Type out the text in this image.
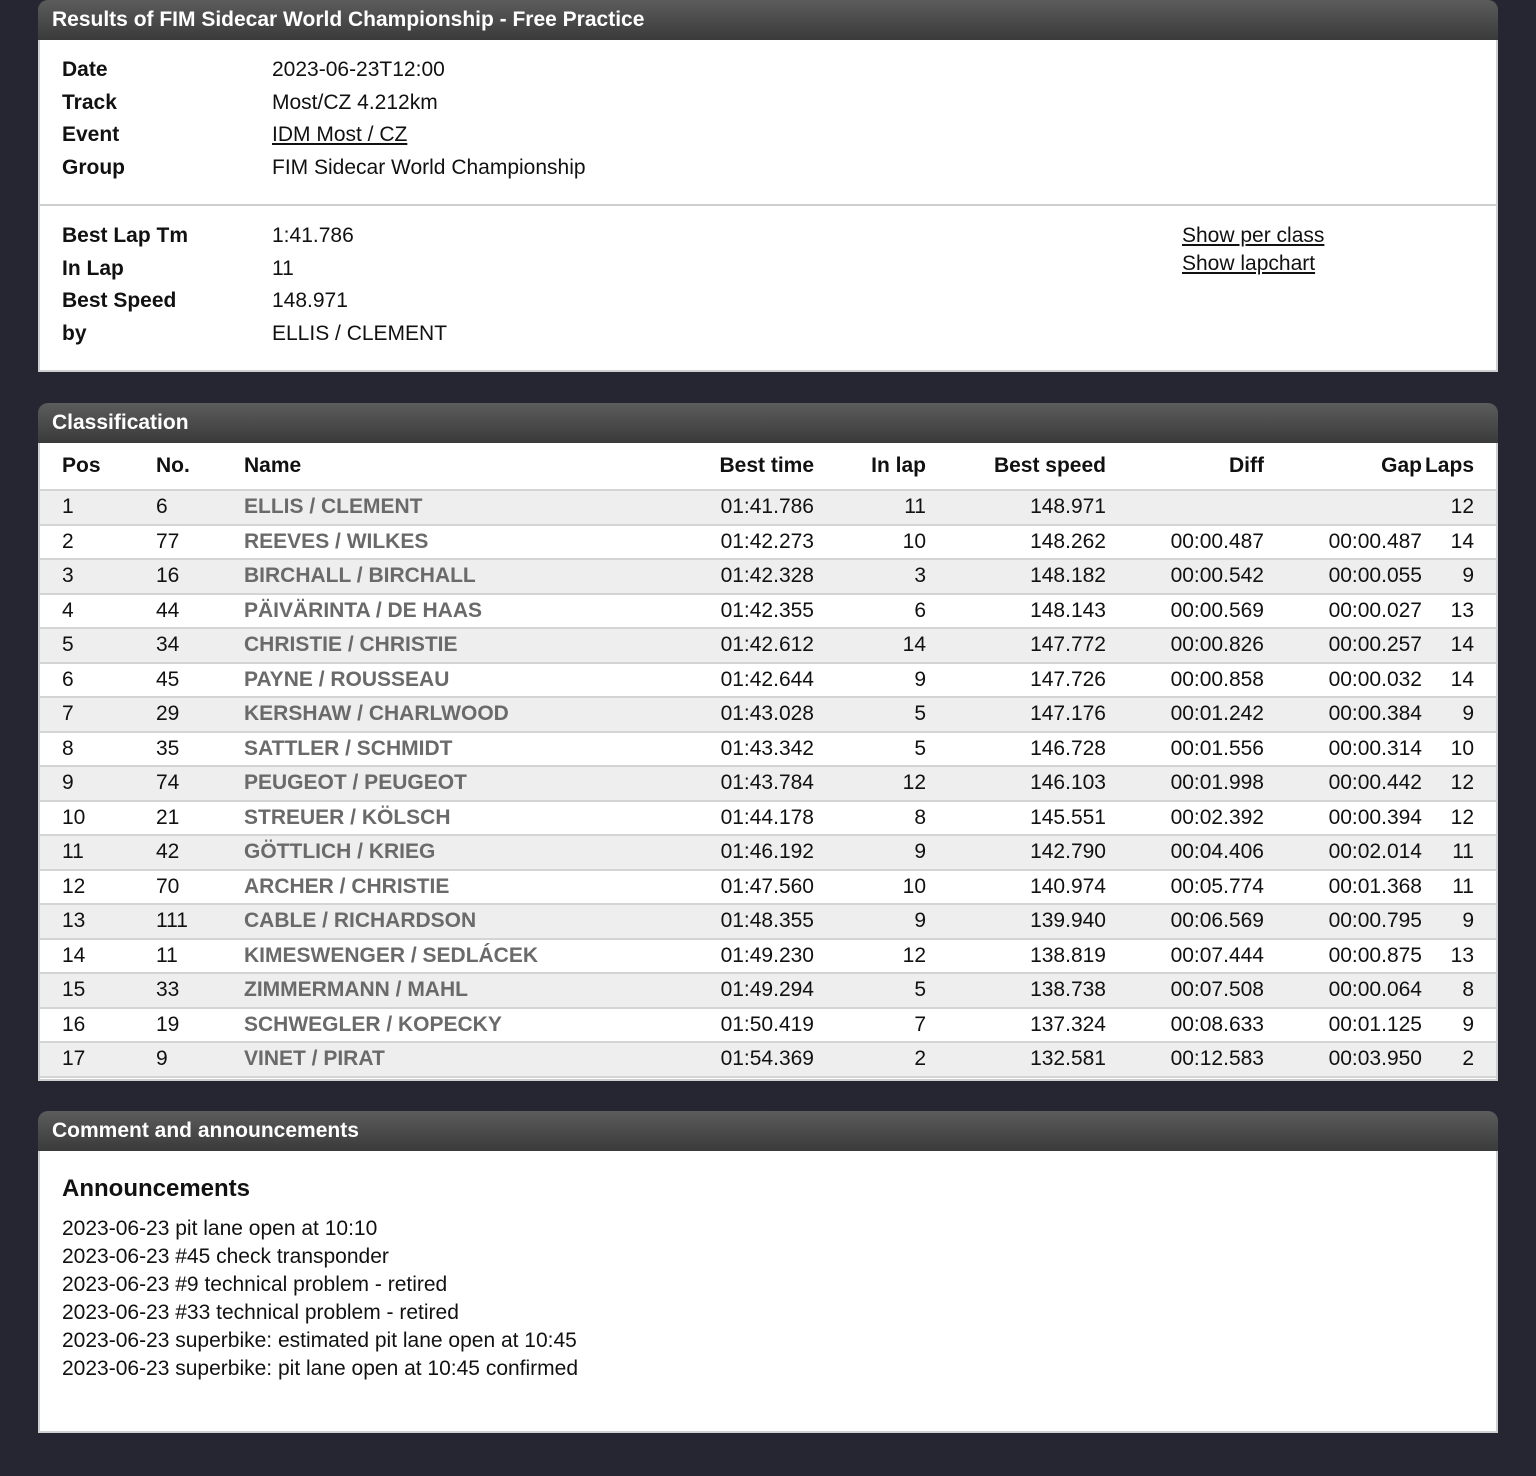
Results of FIM Sidecar World Championship - Free Practice
Date	2023-06-23T12:00
Track	Most/CZ 4.212km
Event	IDM Most / CZ
Group	FIM Sidecar World Championship
Best Lap Tm	1:41.786
In Lap	11
Best Speed	148.971
by	ELLIS / CLEMENT
Show per class
Show lapchart
Classification
Pos	No.	Name	Best time	In lap	Best speed	Diff	Gap	Laps
1	6	ELLIS / CLEMENT	01:41.786	11	148.971			12
2	77	REEVES / WILKES	01:42.273	10	148.262	00:00.487	00:00.487	14
3	16	BIRCHALL / BIRCHALL	01:42.328	3	148.182	00:00.542	00:00.055	9
4	44	PÄIVÄRINTA / DE HAAS	01:42.355	6	148.143	00:00.569	00:00.027	13
5	34	CHRISTIE / CHRISTIE	01:42.612	14	147.772	00:00.826	00:00.257	14
6	45	PAYNE / ROUSSEAU	01:42.644	9	147.726	00:00.858	00:00.032	14
7	29	KERSHAW / CHARLWOOD	01:43.028	5	147.176	00:01.242	00:00.384	9
8	35	SATTLER / SCHMIDT	01:43.342	5	146.728	00:01.556	00:00.314	10
9	74	PEUGEOT / PEUGEOT	01:43.784	12	146.103	00:01.998	00:00.442	12
10	21	STREUER / KÖLSCH	01:44.178	8	145.551	00:02.392	00:00.394	12
11	42	GÖTTLICH / KRIEG	01:46.192	9	142.790	00:04.406	00:02.014	11
12	70	ARCHER / CHRISTIE	01:47.560	10	140.974	00:05.774	00:01.368	11
13	111	CABLE / RICHARDSON	01:48.355	9	139.940	00:06.569	00:00.795	9
14	11	KIMESWENGER / SEDLÁCEK	01:49.230	12	138.819	00:07.444	00:00.875	13
15	33	ZIMMERMANN / MAHL	01:49.294	5	138.738	00:07.508	00:00.064	8
16	19	SCHWEGLER / KOPECKY	01:50.419	7	137.324	00:08.633	00:01.125	9
17	9	VINET / PIRAT	01:54.369	2	132.581	00:12.583	00:03.950	2
Comment and announcements
Announcements
2023-06-23 pit lane open at 10:10
2023-06-23 #45 check transponder
2023-06-23 #9 technical problem - retired
2023-06-23 #33 technical problem - retired
2023-06-23 superbike: estimated pit lane open at 10:45
2023-06-23 superbike: pit lane open at 10:45 confirmed
